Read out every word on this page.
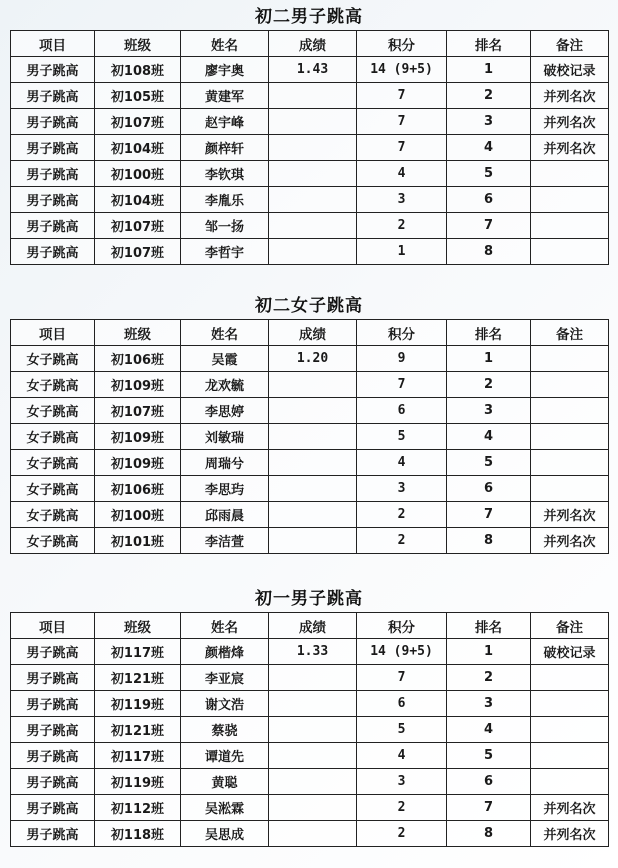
初二男子跳高
项目	班级	姓名	成绩	积分	排名	备注
男子跳高	初108班	廖宇奥	1.43	14 (9+5)	1	破校记录
男子跳高	初105班	黄建军		7	2	并列名次
男子跳高	初107班	赵宇峰		7	3	并列名次
男子跳高	初104班	颜梓轩		7	4	并列名次
男子跳高	初100班	李钦琪		4	5	
男子跳高	初104班	李胤乐		3	6	
男子跳高	初107班	邹一扬		2	7	
男子跳高	初107班	李哲宇		1	8	
初二女子跳高
项目	班级	姓名	成绩	积分	排名	备注
女子跳高	初106班	吴霞	1.20	9	1	
女子跳高	初109班	龙欢毓		7	2	
女子跳高	初107班	李思婷		6	3	
女子跳高	初109班	刘敏瑞		5	4	
女子跳高	初109班	周瑞兮		4	5	
女子跳高	初106班	李思玙		3	6	
女子跳高	初100班	邱雨晨		2	7	并列名次
女子跳高	初101班	李洁萱		2	8	并列名次
初一男子跳高
项目	班级	姓名	成绩	积分	排名	备注
男子跳高	初117班	颜楷烽	1.33	14 (9+5)	1	破校记录
男子跳高	初121班	李亚宸		7	2	
男子跳高	初119班	谢文浩		6	3	
男子跳高	初121班	蔡骁		5	4	
男子跳高	初117班	谭道先		4	5	
男子跳高	初119班	黄聪		3	6	
男子跳高	初112班	吴淞霖		2	7	并列名次
男子跳高	初118班	吴思成		2	8	并列名次
